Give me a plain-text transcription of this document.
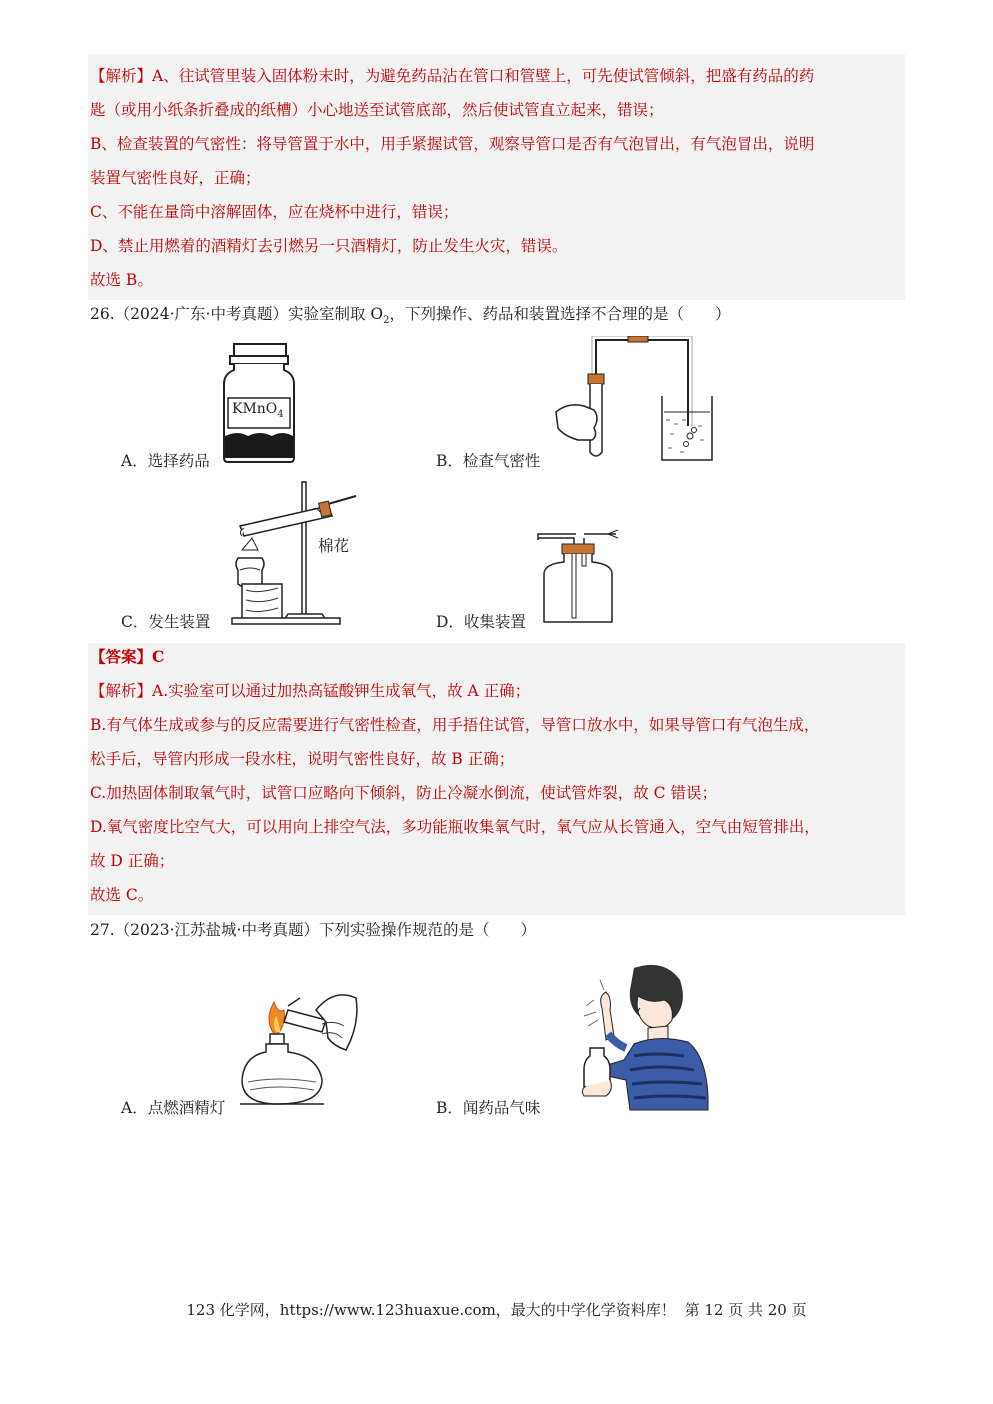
【解析】A、往试管里装入固体粉末时，为避免药品沾在管口和管壁上，可先使试管倾斜，把盛有药品的药
匙（或用小纸条折叠成的纸槽）小心地送至试管底部，然后使试管直立起来，错误；
B、检查装置的气密性：将导管置于水中，用手紧握试管，观察导管口是否有气泡冒出，有气泡冒出，说明
装置气密性良好，正确；
C、不能在量筒中溶解固体，应在烧杯中进行，错误；
D、禁止用燃着的酒精灯去引燃另一只酒精灯，防止发生火灾，错误。
故选 B。
26.（2024·广东·中考真题）实验室制取 $O_2$，下列操作、药品和装置选择不合理的是（　　）
KMnO$_4$
A．选择药品	B．检查气密性
棉花
C．发生装置	D．收集装置
【答案】C
【解析】A.实验室可以通过加热高锰酸钾生成氧气，故 A 正确；
B.有气体生成或参与的反应需要进行气密性检查，用手捂住试管，导管口放水中，如果导管口有气泡生成，
松手后，导管内形成一段水柱，说明气密性良好，故 B 正确；
C.加热固体制取氧气时，试管口应略向下倾斜，防止冷凝水倒流，使试管炸裂，故 C 错误；
D.氧气密度比空气大，可以用向上排空气法，多功能瓶收集氧气时，氧气应从长管通入，空气由短管排出，
故 D 正确；
故选 C。
27.（2023·江苏盐城·中考真题）下列实验操作规范的是（　　）
A．点燃酒精灯	B．闻药品气味
123 化学网，https://www.123huaxue.com，最大的中学化学资料库！ 第 12 页 共 20 页
